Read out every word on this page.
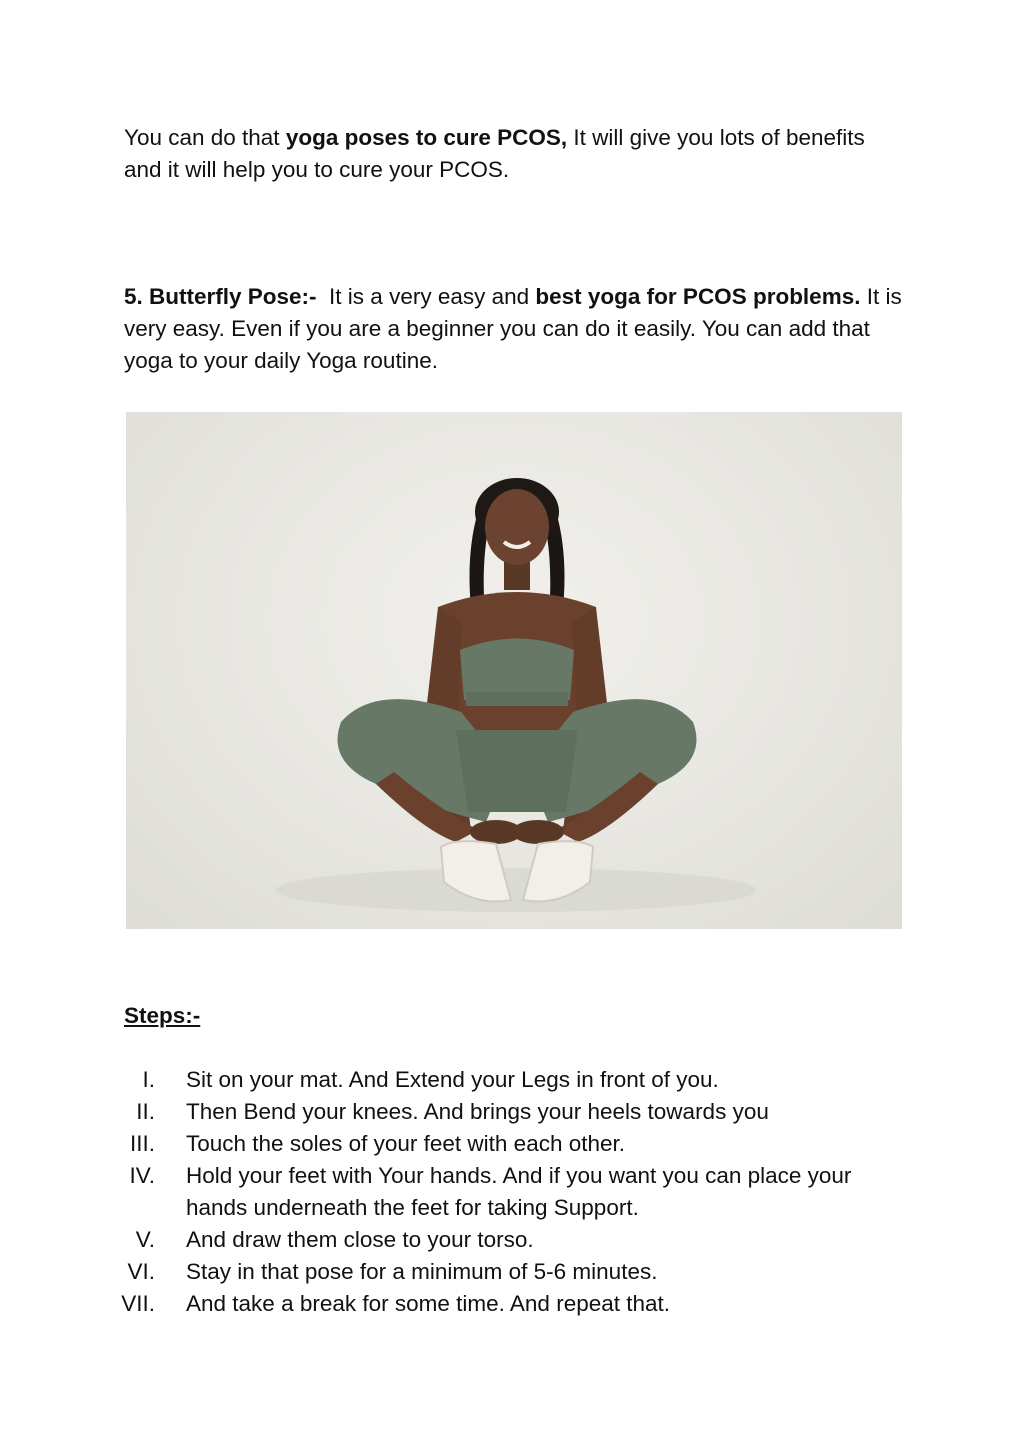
You can do that yoga poses to cure PCOS, It will give you lots of benefits and it will help you to cure your PCOS.

5. Butterfly Pose:-  It is a very easy and best yoga for PCOS problems. It is very easy. Even if you are a beginner you can do it easily. You can add that yoga to your daily Yoga routine.

Steps:-

I. Sit on your mat. And Extend your Legs in front of you.
II. Then Bend your knees. And brings your heels towards you
III. Touch the soles of your feet with each other.
IV. Hold your feet with Your hands. And if you want you can place your hands underneath the feet for taking Support.
V. And draw them close to your torso.
VI. Stay in that pose for a minimum of 5-6 minutes.
VII. And take a break for some time. And repeat that.
